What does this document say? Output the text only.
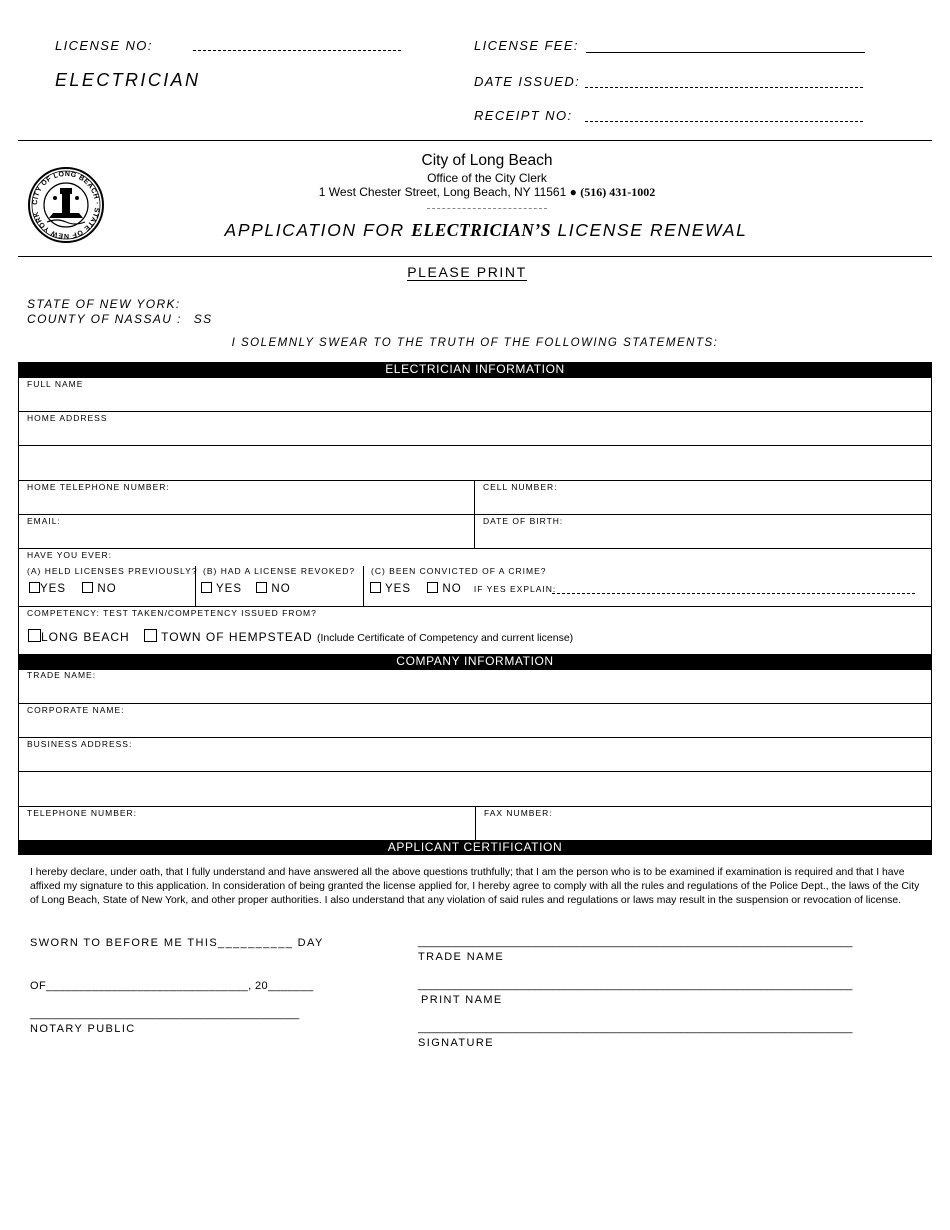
LICENSE NO:
ELECTRICIAN
LICENSE FEE:
DATE ISSUED:
RECEIPT NO:
CITY OF LONG BEACH · STATE OF NEW YORK
City of Long Beach
Office of the City Clerk
1 West Chester Street, Long Beach, NY 11561 ● (516) 431-1002
APPLICATION FOR ELECTRICIAN’S LICENSE RENEWAL
PLEASE PRINT
STATE OF NEW YORK:
COUNTY OF NASSAU : SS
I SOLEMNLY SWEAR TO THE TRUTH OF THE FOLLOWING STATEMENTS:
ELECTRICIAN INFORMATION
FULL NAME
HOME ADDRESS
HOME TELEPHONE NUMBER:	CELL NUMBER:
EMAIL:	DATE OF BIRTH:
HAVE YOU EVER:
(A) HELD LICENSES PREVIOUSLY?
YES	NO
(B) HAD A LICENSE REVOKED?
YES	NO
(C) BEEN CONVICTED OF A CRIME?
YES	NO IF YES EXPLAIN:
COMPETENCY: TEST TAKEN/COMPETENCY ISSUED FROM?
LONG BEACH	TOWN OF HEMPSTEAD (Include Certificate of Competency and current license)
COMPANY INFORMATION
TRADE NAME:
CORPORATE NAME:
BUSINESS ADDRESS:
TELEPHONE NUMBER:	FAX NUMBER:
APPLICANT CERTIFICATION
I hereby declare, under oath, that I fully understand and have answered all the above questions truthfully; that I am the person who is to be examined if examination is required and that I have affixed my signature to this application. In consideration of being granted the license applied for, I hereby agree to comply with all the rules and regulations of the Police Dept., the laws of the City of Long Beach, State of New York, and other proper authorities. I also understand that any violation of said rules and regulations or laws may result in the suspension or revocation of license.
SWORN TO BEFORE ME THIS__________ DAY
OF_______________________________, 20_______
____________________________________________
NOTARY PUBLIC
_______________________________________________________________________
TRADE NAME
_______________________________________________________________________
PRINT NAME
_______________________________________________________________________
SIGNATURE
